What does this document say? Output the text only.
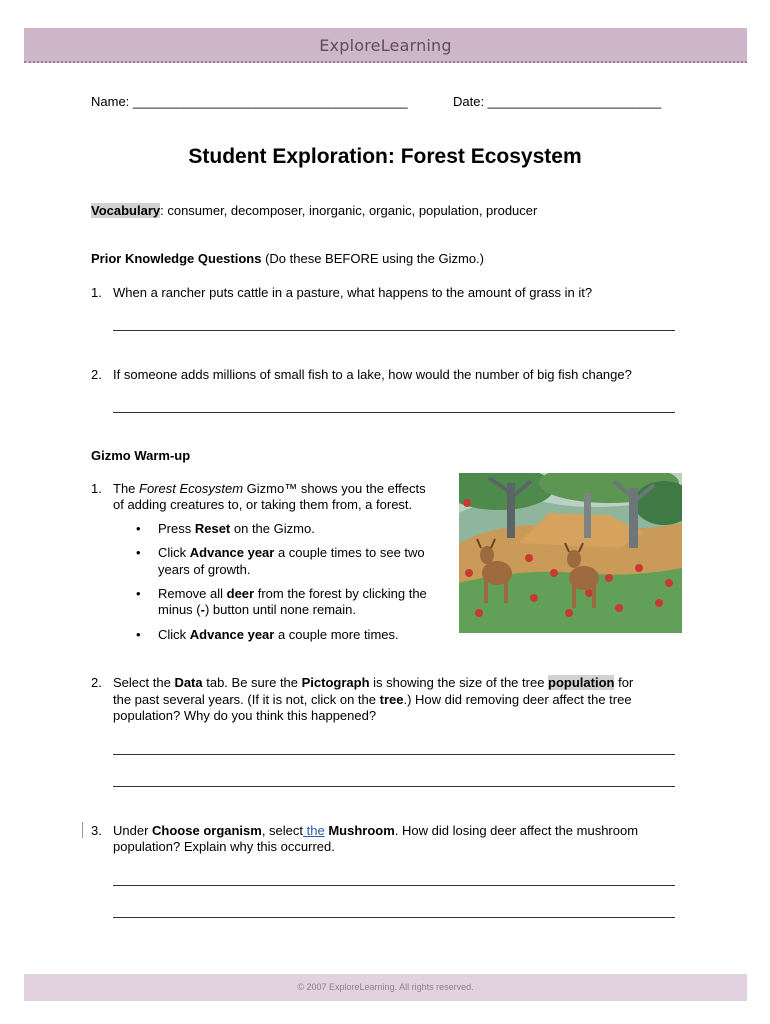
ExploreLearning
Name: ______________________________________	Date: ________________________
Student Exploration: Forest Ecosystem
Vocabulary: consumer, decomposer, inorganic, organic, population, producer
Prior Knowledge Questions (Do these BEFORE using the Gizmo.)
1. When a rancher puts cattle in a pasture, what happens to the amount of grass in it?
2. If someone adds millions of small fish to a lake, how would the number of big fish change?
Gizmo Warm-up
1. The Forest Ecosystem Gizmo™ shows you the effects
of adding creatures to, or taking them from, a forest.
• Press Reset on the Gizmo.
• Click Advance year a couple times to see two
years of growth.
• Remove all deer from the forest by clicking the
minus (-) button until none remain.
• Click Advance year a couple more times.
2. Select the Data tab. Be sure the Pictograph is showing the size of the tree population for
the past several years. (If it is not, click on the tree.) How did removing deer affect the tree
population? Why do you think this happened?
3. Under Choose organism, select the Mushroom. How did losing deer affect the mushroom
population? Explain why this occurred.
© 2007 ExploreLearning. All rights reserved.
